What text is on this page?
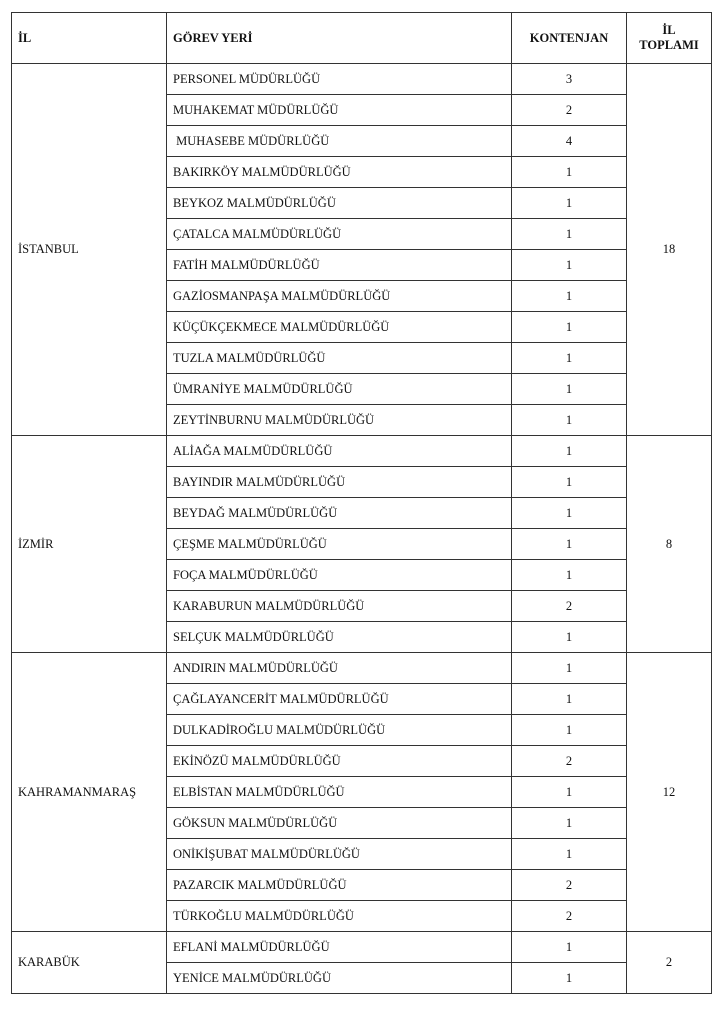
İL	GÖREV YERİ	KONTENJAN	İL
TOPLAMI
İSTANBUL	PERSONEL MÜDÜRLÜĞÜ	3	18
	MUHAKEMAT MÜDÜRLÜĞÜ	2	
	MUHASEBE MÜDÜRLÜĞÜ	4	
	BAKIRKÖY MALMÜDÜRLÜĞÜ	1	
	BEYKOZ MALMÜDÜRLÜĞÜ	1	
	ÇATALCA MALMÜDÜRLÜĞÜ	1	
	FATİH MALMÜDÜRLÜĞÜ	1	
	GAZİOSMANPAŞA MALMÜDÜRLÜĞÜ	1	
	KÜÇÜKÇEKMECE MALMÜDÜRLÜĞÜ	1	
	TUZLA MALMÜDÜRLÜĞÜ	1	
	ÜMRANİYE MALMÜDÜRLÜĞÜ	1	
	ZEYTİNBURNU MALMÜDÜRLÜĞÜ	1	
İZMİR	ALİAĞA MALMÜDÜRLÜĞÜ	1	8
	BAYINDIR MALMÜDÜRLÜĞÜ	1	
	BEYDAĞ MALMÜDÜRLÜĞÜ	1	
	ÇEŞME MALMÜDÜRLÜĞÜ	1	
	FOÇA MALMÜDÜRLÜĞÜ	1	
	KARABURUN MALMÜDÜRLÜĞÜ	2	
	SELÇUK MALMÜDÜRLÜĞÜ	1	
KAHRAMANMARAŞ	ANDIRIN MALMÜDÜRLÜĞÜ	1	12
	ÇAĞLAYANCERİT MALMÜDÜRLÜĞÜ	1	
	DULKADİROĞLU MALMÜDÜRLÜĞÜ	1	
	EKİNÖZÜ MALMÜDÜRLÜĞÜ	2	
	ELBİSTAN MALMÜDÜRLÜĞÜ	1	
	GÖKSUN MALMÜDÜRLÜĞÜ	1	
	ONİKİŞUBAT MALMÜDÜRLÜĞÜ	1	
	PAZARCIK MALMÜDÜRLÜĞÜ	2	
	TÜRKOĞLU MALMÜDÜRLÜĞÜ	2	
KARABÜK	EFLANİ MALMÜDÜRLÜĞÜ	1	2
	YENİCE MALMÜDÜRLÜĞÜ	1	
